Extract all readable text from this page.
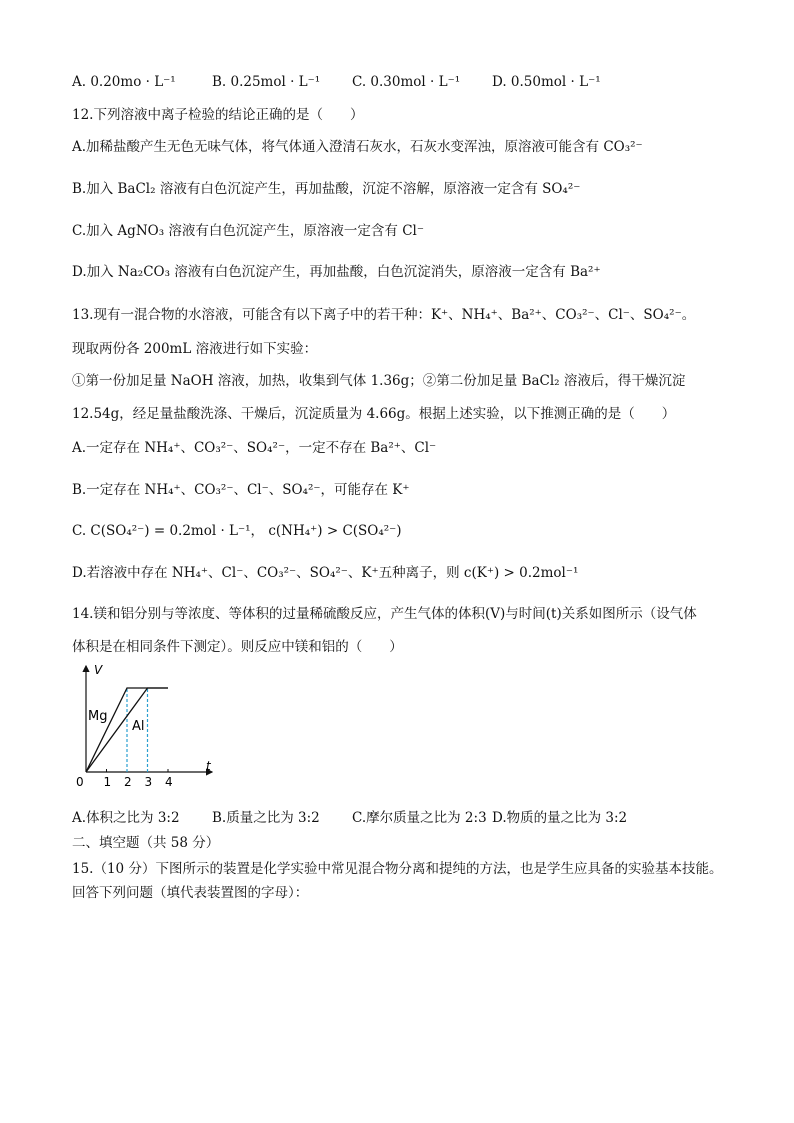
A. 0.20mo · L⁻¹	B. 0.25mol · L⁻¹	C. 0.30mol · L⁻¹	D. 0.50mol · L⁻¹
12.下列溶液中离子检验的结论正确的是（　　）
A.加稀盐酸产生无色无味气体，将气体通入澄清石灰水，石灰水变浑浊，原溶液可能含有 CO₃²⁻
B.加入 BaCl₂ 溶液有白色沉淀产生，再加盐酸，沉淀不溶解，原溶液一定含有 SO₄²⁻
C.加入 AgNO₃ 溶液有白色沉淀产生，原溶液一定含有 Cl⁻
D.加入 Na₂CO₃ 溶液有白色沉淀产生，再加盐酸，白色沉淀消失，原溶液一定含有 Ba²⁺
13.现有一混合物的水溶液，可能含有以下离子中的若干种：K⁺、NH₄⁺、Ba²⁺、CO₃²⁻、Cl⁻、SO₄²⁻。
现取两份各 200mL 溶液进行如下实验：
①第一份加足量 NaOH 溶液，加热，收集到气体 1.36g；②第二份加足量 BaCl₂ 溶液后，得干燥沉淀
12.54g，经足量盐酸洗涤、干燥后，沉淀质量为 4.66g。根据上述实验，以下推测正确的是（　　）
A.一定存在 NH₄⁺、CO₃²⁻、SO₄²⁻，一定不存在 Ba²⁺、Cl⁻
B.一定存在 NH₄⁺、CO₃²⁻、Cl⁻、SO₄²⁻，可能存在 K⁺
C. C(SO₄²⁻) = 0.2mol · L⁻¹， c(NH₄⁺) > C(SO₄²⁻)
D.若溶液中存在 NH₄⁺、Cl⁻、CO₃²⁻、SO₄²⁻、K⁺五种离子，则 c(K⁺) > 0.2mol⁻¹
14.镁和铝分别与等浓度、等体积的过量稀硫酸反应，产生气体的体积(V)与时间(t)关系如图所示（设气体
体积是在相同条件下测定）。则反应中镁和铝的（　　）
V
t
0 1 2 3 4
Mg
Al
A.体积之比为 3:2	B.质量之比为 3:2	C.摩尔质量之比为 2:3 D.物质的量之比为 3:2
二、填空题（共 58 分）
15.（10 分）下图所示的装置是化学实验中常见混合物分离和提纯的方法，也是学生应具备的实验基本技能。
回答下列问题（填代表装置图的字母）：
